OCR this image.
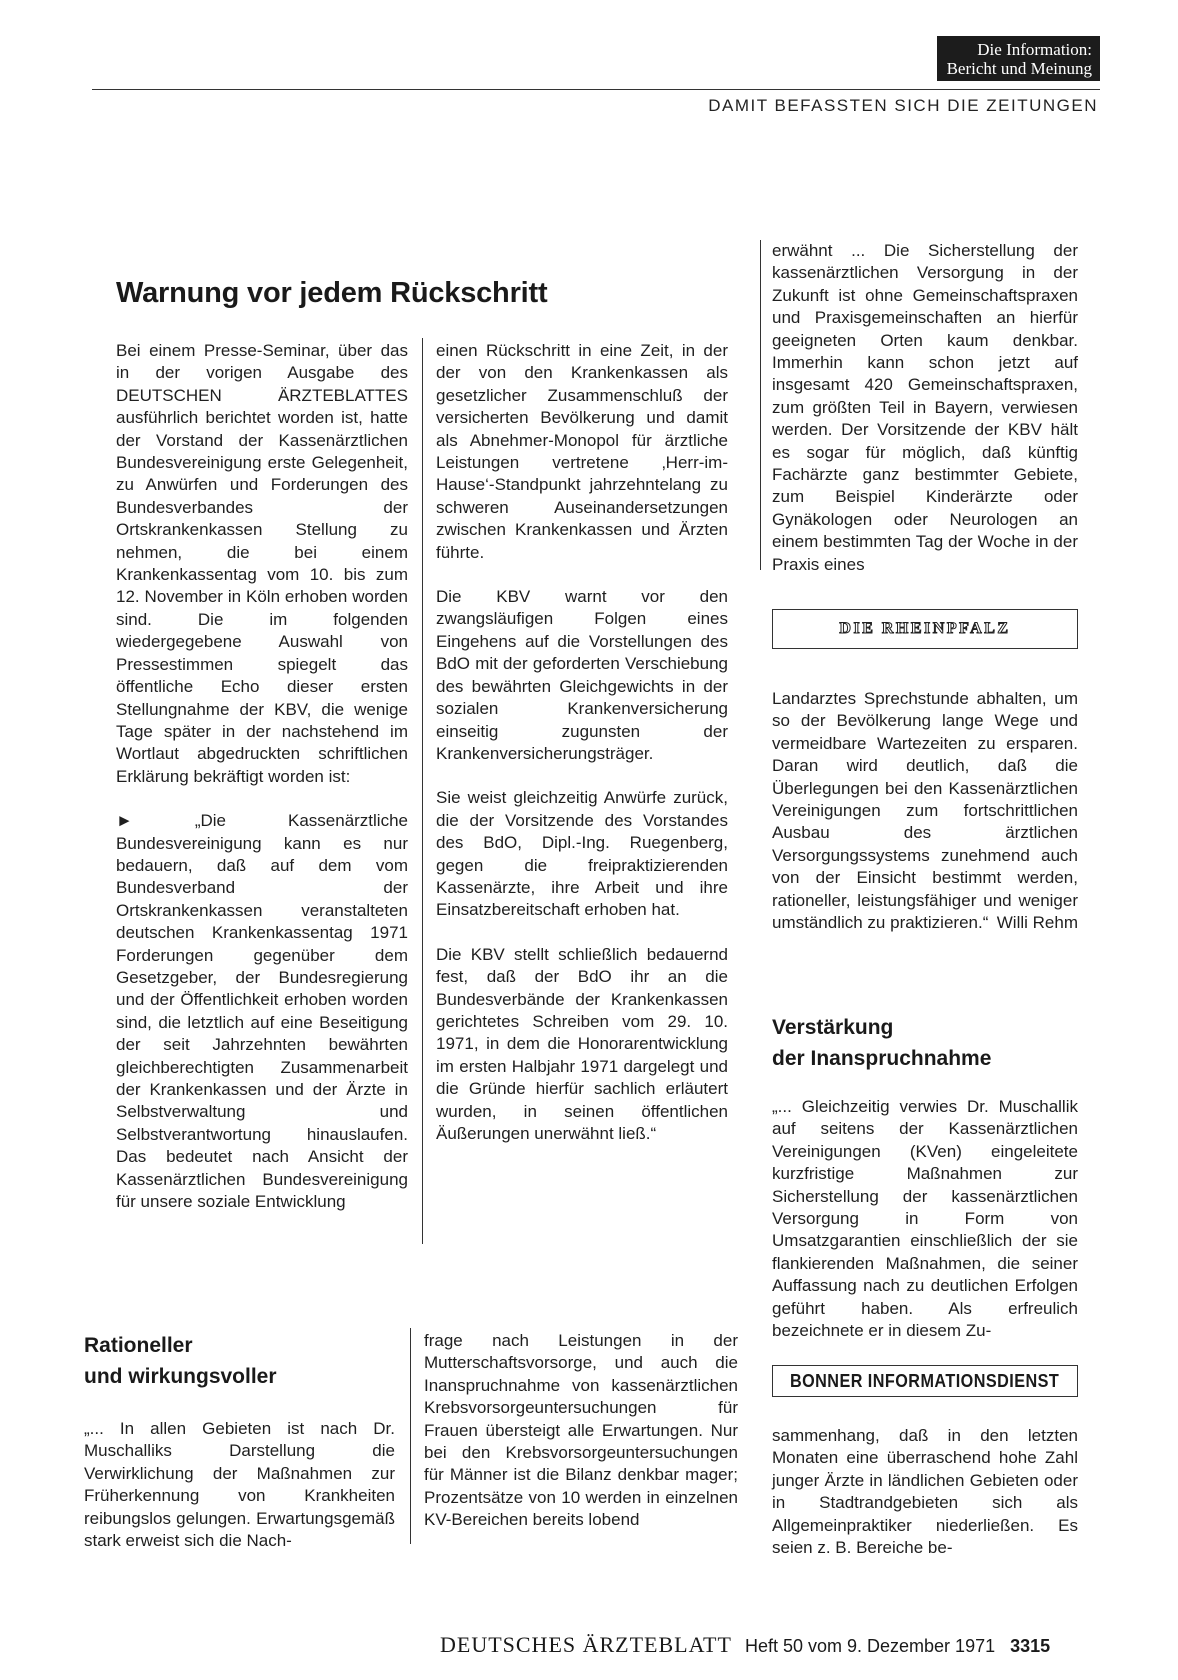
Die Information:
Bericht und Meinung
DAMIT BEFASSTEN SICH DIE ZEITUNGEN
Warnung vor jedem Rückschritt

Bei einem Presse-Seminar, über das in der vorigen Ausgabe des DEUTSCHEN ÄRZTEBLATTES ausführlich berichtet worden ist, hatte der Vorstand der Kassenärztlichen Bundesvereinigung erste Gelegenheit, zu Anwürfen und Forderungen des Bundesverbandes der Ortskrankenkassen Stellung zu nehmen, die bei einem Krankenkassentag vom 10. bis zum 12. November in Köln erhoben worden sind. Die im folgenden wiedergegebene Auswahl von Pressestimmen spiegelt das öffentliche Echo dieser ersten Stellungnahme der KBV, die wenige Tage später in der nachstehend im Wortlaut abgedruckten schriftlichen Erklärung bekräftigt worden ist:

► „Die Kassenärztliche Bundesvereinigung kann es nur bedauern, daß auf dem vom Bundesverband der Ortskrankenkassen veranstalteten deutschen Krankenkassentag 1971 Forderungen gegenüber dem Gesetzgeber, der Bundesregierung und der Öffentlichkeit erhoben worden sind, die letztlich auf eine Beseitigung der seit Jahrzehnten bewährten gleichberechtigten Zusammenarbeit der Krankenkassen und der Ärzte in Selbstverwaltung und Selbstverantwortung hinauslaufen. Das bedeutet nach Ansicht der Kassenärztlichen Bundesvereinigung für unsere soziale Entwicklung

einen Rückschritt in eine Zeit, in der der von den Krankenkassen als gesetzlicher Zusammenschluß der versicherten Bevölkerung und damit als Abnehmer-Monopol für ärztliche Leistungen vertretene ‚Herr-im-Hause‘-Standpunkt jahrzehntelang zu schweren Auseinandersetzungen zwischen Krankenkassen und Ärzten führte.

Die KBV warnt vor den zwangsläufigen Folgen eines Eingehens auf die Vorstellungen des BdO mit der geforderten Verschiebung des bewährten Gleichgewichts in der sozialen Krankenversicherung einseitig zugunsten der Krankenversicherungsträger.

Sie weist gleichzeitig Anwürfe zurück, die der Vorsitzende des Vorstandes des BdO, Dipl.-Ing. Ruegenberg, gegen die freipraktizierenden Kassenärzte, ihre Arbeit und ihre Einsatzbereitschaft erhoben hat.

Die KBV stellt schließlich bedauernd fest, daß der BdO ihr an die Bundesverbände der Krankenkassen gerichtetes Schreiben vom 29. 10. 1971, in dem die Honorarentwicklung im ersten Halbjahr 1971 dargelegt und die Gründe hierfür sachlich erläutert wurden, in seinen öffentlichen Äußerungen unerwähnt ließ.“

erwähnt ... Die Sicherstellung der kassenärztlichen Versorgung in der Zukunft ist ohne Gemeinschaftspraxen und Praxisgemeinschaften an hierfür geeigneten Orten kaum denkbar. Immerhin kann schon jetzt auf insgesamt 420 Gemeinschaftspraxen, zum größten Teil in Bayern, verwiesen werden. Der Vorsitzende der KBV hält es sogar für möglich, daß künftig Fachärzte ganz bestimmter Gebiete, zum Beispiel Kinderärzte oder Gynäkologen oder Neurologen an einem bestimmten Tag der Woche in der Praxis eines
DIE RHEINPFALZ
Landarztes Sprechstunde abhalten, um so der Bevölkerung lange Wege und vermeidbare Wartezeiten zu ersparen. Daran wird deutlich, daß die Überlegungen bei den Kassenärztlichen Vereinigungen zum fortschrittlichen Ausbau des ärztlichen Versorgungssystems zunehmend auch von der Einsicht bestimmt werden, rationeller, leistungsfähiger und weniger umständlich zu praktizieren.“ Willi Rehm
Verstärkung
der Inanspruchnahme
„... Gleichzeitig verwies Dr. Muschallik auf seitens der Kassenärztlichen Vereinigungen (KVen) eingeleitete kurzfristige Maßnahmen zur Sicherstellung der kassenärztlichen Versorgung in Form von Umsatzgarantien einschließlich der sie flankierenden Maßnahmen, die seiner Auffassung nach zu deutlichen Erfolgen geführt haben. Als erfreulich bezeichnete er in diesem Zu-
BONNER INFORMATIONSDIENST
sammenhang, daß in den letzten Monaten eine überraschend hohe Zahl junger Ärzte in ländlichen Gebieten oder in Stadtrandgebieten sich als Allgemeinpraktiker niederließen. Es seien z. B. Bereiche be-
Rationeller
und wirkungsvoller
„... In allen Gebieten ist nach Dr. Muschalliks Darstellung die Verwirklichung der Maßnahmen zur Früherkennung von Krankheiten reibungslos gelungen. Erwartungsgemäß stark erweist sich die Nach-
frage nach Leistungen in der Mutterschaftsvorsorge, und auch die Inanspruchnahme von kassenärztlichen Krebsvorsorgeuntersuchungen für Frauen übersteigt alle Erwartungen. Nur bei den Krebsvorsorgeuntersuchungen für Männer ist die Bilanz denkbar mager; Prozentsätze von 10 werden in einzelnen KV-Bereichen bereits lobend
DEUTSCHES ÄRZTEBLATT Heft 50 vom 9. Dezember 1971 3315
